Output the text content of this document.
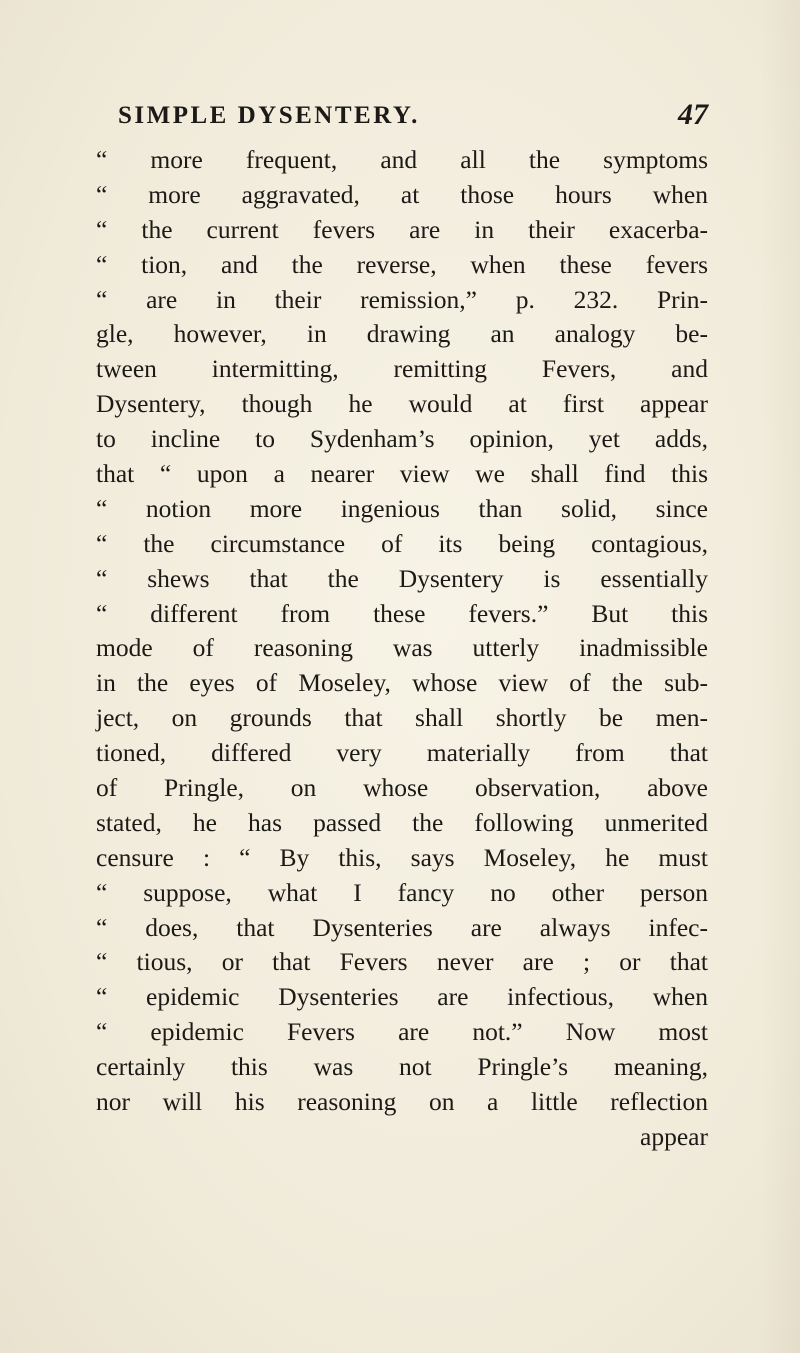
SIMPLE DYSENTERY.	47
“ more frequent, and all the symptoms
“ more aggravated, at those hours when
“ the current fevers are in their exacerba-
“ tion, and the reverse, when these fevers
“ are in their remission,” p. 232. Prin-
gle, however, in drawing an analogy be-
tween intermitting, remitting Fevers, and
Dysentery, though he would at first appear
to incline to Sydenham’s opinion, yet adds,
that “ upon a nearer view we shall find this
“ notion more ingenious than solid, since
“ the circumstance of its being contagious,
“ shews that the Dysentery is essentially
“ different from these fevers.” But this
mode of reasoning was utterly inadmissible
in the eyes of Moseley, whose view of the sub-
ject, on grounds that shall shortly be men-
tioned, differed very materially from that
of Pringle, on whose observation, above
stated, he has passed the following unmerited
censure : “ By this, says Moseley, he must
“ suppose, what I fancy no other person
“ does, that Dysenteries are always infec-
“ tious, or that Fevers never are ; or that
“ epidemic Dysenteries are infectious, when
“ epidemic Fevers are not.” Now most
certainly this was not Pringle’s meaning,
nor will his reasoning on a little reflection
appear
